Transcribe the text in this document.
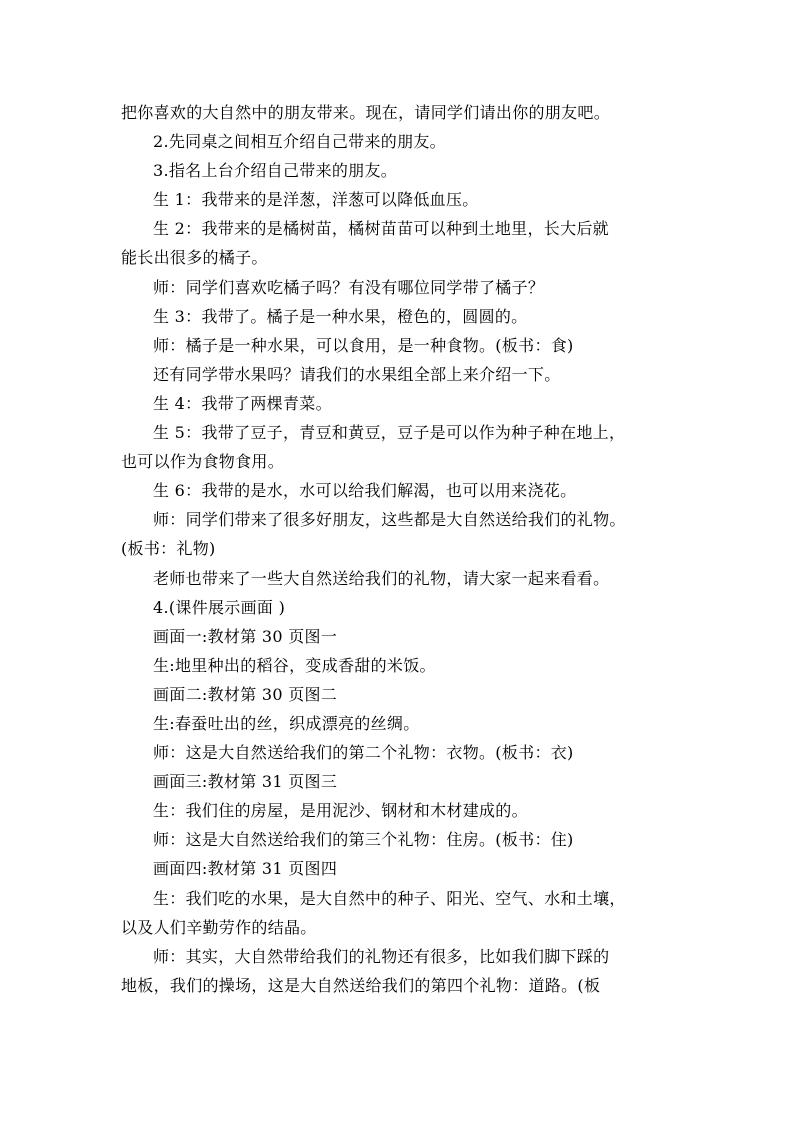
把你喜欢的大自然中的朋友带来。现在，请同学们请出你的朋友吧。
2.先同桌之间相互介绍自己带来的朋友。
3.指名上台介绍自己带来的朋友。
生 1：我带来的是洋葱，洋葱可以降低血压。
生 2：我带来的是橘树苗，橘树苗苗可以种到土地里，长大后就
能长出很多的橘子。
师：同学们喜欢吃橘子吗？有没有哪位同学带了橘子？
生 3：我带了。橘子是一种水果，橙色的，圆圆的。
师：橘子是一种水果，可以食用，是一种食物。(板书：食)
还有同学带水果吗？请我们的水果组全部上来介绍一下。
生 4：我带了两棵青菜。
生 5：我带了豆子，青豆和黄豆，豆子是可以作为种子种在地上，
也可以作为食物食用。
生 6：我带的是水，水可以给我们解渴，也可以用来浇花。
师：同学们带来了很多好朋友，这些都是大自然送给我们的礼物。
(板书：礼物)
老师也带来了一些大自然送给我们的礼物，请大家一起来看看。
4.(课件展示画面 )
画面一:教材第 30 页图一
生:地里种出的稻谷，变成香甜的米饭。
画面二:教材第 30 页图二
生:春蚕吐出的丝，织成漂亮的丝绸。
师：这是大自然送给我们的第二个礼物：衣物。(板书：衣)
画面三:教材第 31 页图三
生：我们住的房屋，是用泥沙、钢材和木材建成的。
师：这是大自然送给我们的第三个礼物：住房。(板书：住)
画面四:教材第 31 页图四
生：我们吃的水果，是大自然中的种子、阳光、空气、水和土壤，
以及人们辛勤劳作的结晶。
师：其实，大自然带给我们的礼物还有很多，比如我们脚下踩的
地板，我们的操场，这是大自然送给我们的第四个礼物：道路。(板
